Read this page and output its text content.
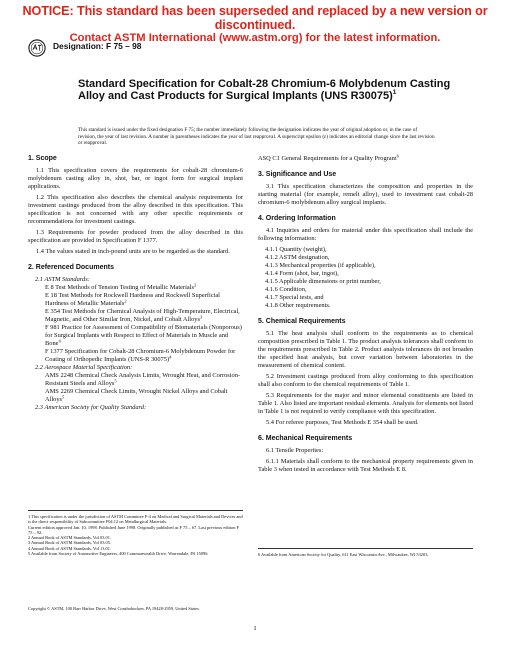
NOTICE: This standard has been superseded and replaced by a new version or discontinued.
Contact ASTM International (www.astm.org) for the latest information.
Designation: F 75 – 98
Standard Specification for Cobalt-28 Chromium-6 Molybdenum Casting Alloy and Cast Products for Surgical Implants (UNS R30075)$^1$
This standard is issued under the fixed designation F 75; the number immediately following the designation indicates the year of original adoption or, in the case of revision, the year of last revision. A number in parentheses indicates the year of last reapproval. A superscript epsilon (ε) indicates an editorial change since the last revision or reapproval.
1. Scope

1.1 This specification covers the requirements for cobalt-28 chromium-6 molybdenum casting alloy in, shot, bar, or ingot form for surgical implant applications.

1.2 This specification also describes the chemical analysis requirements for investment castings produced from the alloy described in this specification. This specification is not concerned with any other specific requirements or recommendations for investment castings.

1.3 Requirements for powder produced from the alloy described in this specification are provided in Specification F 1377.

1.4 The values stated in inch-pound units are to be regarded as the standard.

2. Referenced Documents

2.1 ASTM Standards:

E 8 Test Methods of Tension Testing of Metallic Materials$^2$

E 18 Test Methods for Rockwell Hardness and Rockwell Superficial Hardness of Metallic Materials$^2$

E 354 Test Methods for Chemical Analysis of High-Temperature, Electrical, Magnetic, and Other Similar Iron, Nickel, and Cobalt Alloys$^3$

F 981 Practice for Assessment of Compatibility of Biomaterials (Nonporous) for Surgical Implants with Respect to Effect of Materials in Muscle and Bone$^4$

F 1377 Specification for Cobalt-28 Chromium-6 Molybdenum Powder for Coating of Orthopedic Implants (UNS-R 30075)$^4$

2.2 Aerospace Material Specification:

AMS 2248 Chemical Check Analysis Limits, Wrought Heat, and Corrosion-Resistant Steels and Alloys$^5$

AMS 2269 Chemical Check Limits, Wrought Nickel Alloys and Cobalt Alloys$^5$

2.3 American Society for Quality Standard:

1 This specification is under the jurisdiction of ASTM Committee F-4 on Medical and Surgical Materials and Devices and is the direct responsibility of Subcommittee F04.12 on Metallurgical Materials.

Current edition approved Jan. 10, 1998. Published June 1998. Originally published as F 75 – 67. Last previous edition F 75 – 92.

2 Annual Book of ASTM Standards, Vol 03.01.

3 Annual Book of ASTM Standards, Vol 03.05.

4 Annual Book of ASTM Standards, Vol 13.01.

5 Available from Society of Automotive Engineers, 400 Commonwealth Drive, Warrendale, PA 15096.

ASQ C1 General Requirements for a Quality Program$^6$

3. Significance and Use

3.1 This specification characterizes the composition and properties in the starting material (for example, remelt alloy), used to investment cast cobalt-28 chromium-6 molybdenum alloy surgical implants.

4. Ordering Information

4.1 Inquiries and orders for material under this specification shall include the following information:

4.1.1 Quantity (weight),
4.1.2 ASTM designation,
4.1.3 Mechanical properties (if applicable),
4.1.4 Form (shot, bar, ingot),
4.1.5 Applicable dimensions or print number,
4.1.6 Condition,
4.1.7 Special tests, and
4.1.8 Other requirements.
5. Chemical Requirements

5.1 The heat analysis shall conform to the requirements as to chemical composition prescribed in Table 1. The product analysis tolerances shall conform to the requirements prescribed in Table 2. Product analysis tolerances do not broaden the specified heat analysis, but cover variation between laboratories in the measurement of chemical content.

5.2 Investment castings produced from alloy conforming to this specification shall also conform to the chemical requirements of Table 1.

5.3 Requirements for the major and minor elemental constituents are listed in Table 1. Also listed are important residual elements. Analysis for elements not listed in Table 1 is not required to verify compliance with this specification.

5.4 For referee purposes, Test Methods E 354 shall be used.

6. Mechanical Requirements

6.1 Tensile Properties:

6.1.1 Materials shall conform to the mechanical property requirements given in Table 3 when tested in accordance with Test Methods E 8.

6 Available from American Society for Quality, 611 East Wisconsin Ave., Milwaukee, WI 53203.

Copyright © ASTM, 100 Barr Harbor Drive, West Conshohocken, PA 19428-2959, United States.
1
